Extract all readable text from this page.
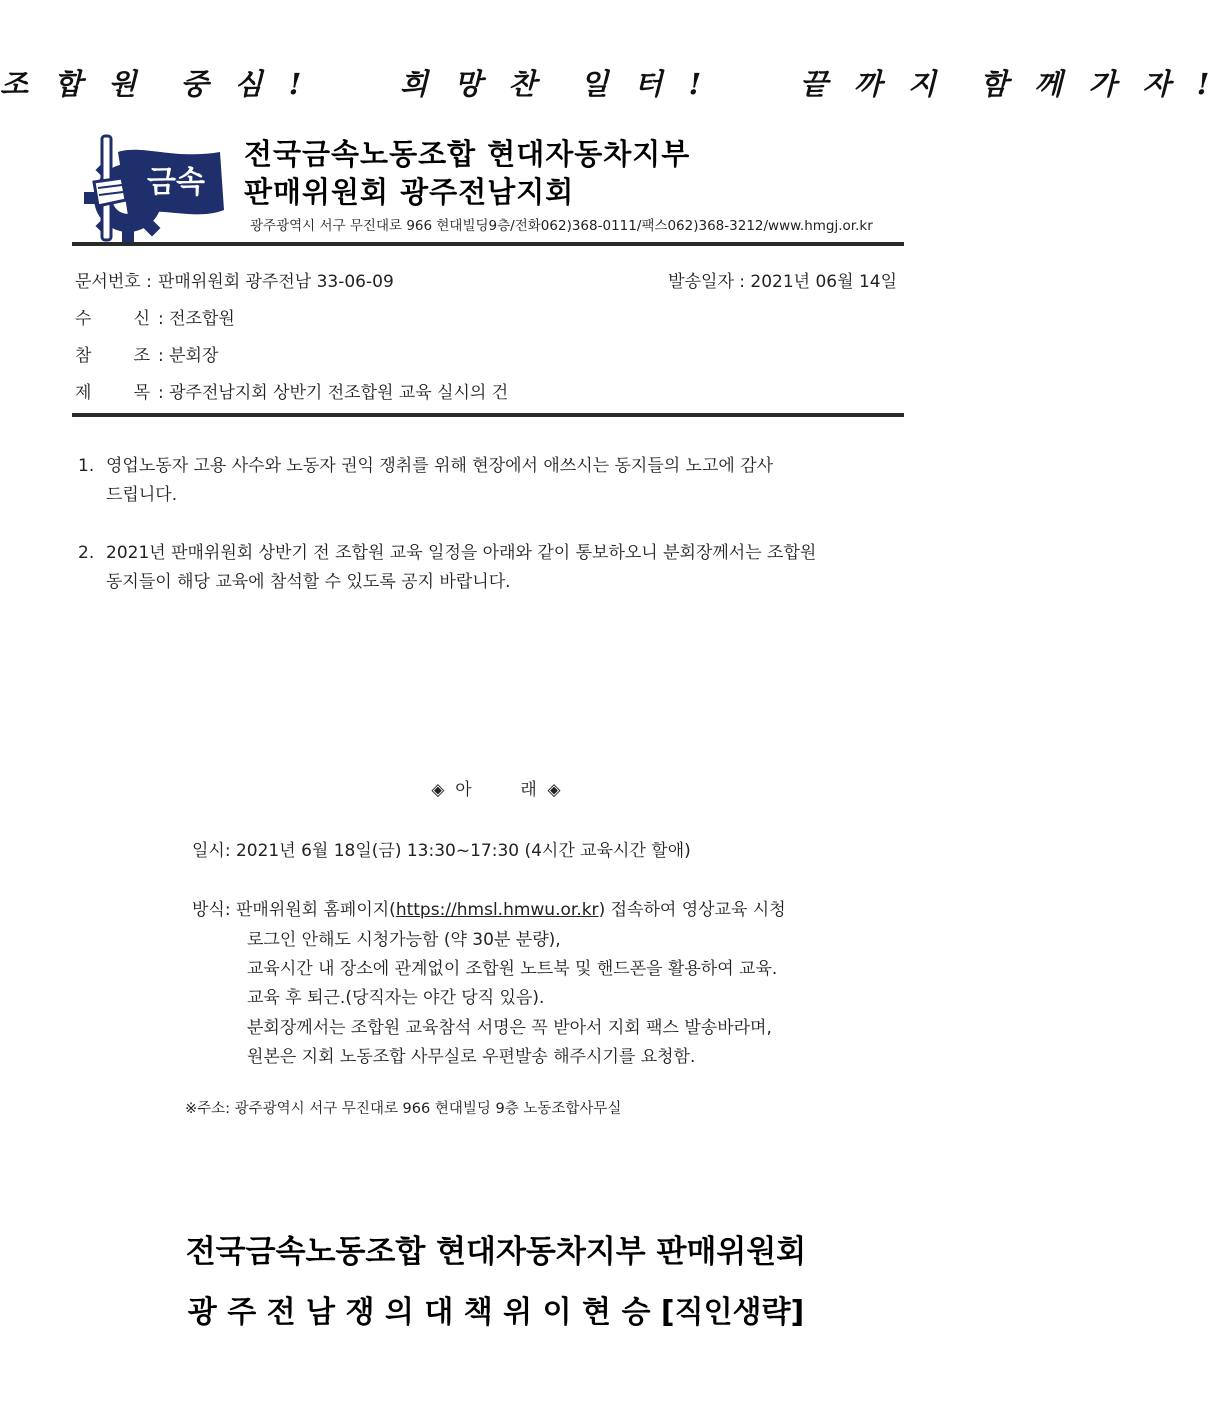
조 합 원  중 심 !     희 망 찬  일 터 !     끝 까 지  함 께 가 자 !
금속
전국금속노동조합 현대자동차지부
판매위원회 광주전남지회
광주광역시 서구 무진대로 966 현대빌딩9층/전화062)368-0111/팩스062)368-3212/www.hmgj.or.kr
문서번호 : 판매위원회 광주전남 33-06-09	발송일자 : 2021년 06월 14일
수 신 : 전조합원
참 조 : 분회장
제 목 : 광주전남지회 상반기 전조합원 교육 실시의 건
1. 영업노동자 고용 사수와 노동자 권익 쟁취를 위해 현장에서 애쓰시는 동지들의 노고에 감사
드립니다.
2. 2021년 판매위원회 상반기 전 조합원 교육 일정을 아래와 같이 통보하오니 분회장께서는 조합원
동지들이 해당 교육에 참석할 수 있도록 공지 바랍니다.
◈  아         래  ◈
일시: 2021년 6월 18일(금) 13:30~17:30 (4시간 교육시간 할애)
방식: 판매위원회 홈페이지(https://hmsl.hmwu.or.kr) 접속하여 영상교육 시청
로그인 안해도 시청가능함 (약 30분 분량),
교육시간 내 장소에 관계없이 조합원 노트북 및 핸드폰을 활용하여 교육.
교육 후 퇴근.(당직자는 야간 당직 있음).
분회장께서는 조합원 교육참석 서명은 꼭 받아서 지회 팩스 발송바라며,
원본은 지회 노동조합 사무실로 우편발송 해주시기를 요청함.
※주소: 광주광역시 서구 무진대로 966 현대빌딩 9층 노동조합사무실
전국금속노동조합 현대자동차지부 판매위원회
광 주 전 남 쟁 의 대 책 위 이 현 승 [직인생략]
